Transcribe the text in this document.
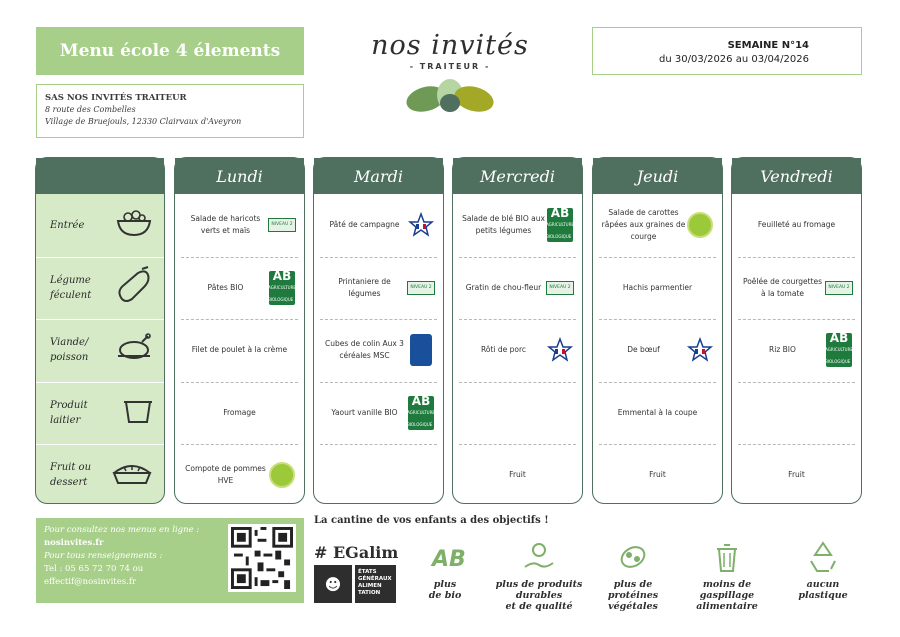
Menu école 4 élements
SAS NOS INVITÉS TRAITEUR
8 route des Combelles
Village de Bruejouls, 12330 Clairvaux d'Aveyron
nos invités
- TRAITEUR -
SEMAINE N°14
du 30/03/2026 au 03/04/2026
Entrée
Légume
féculent
Viande/
poisson
Produit
laitier
Fruit ou
dessert
Lundi
Salade de haricots verts et maïs
NIVEAU 2
Pâtes BIO
AB
AGRICULTURE BIOLOGIQUE
Filet de poulet à la crème
Fromage
Compote de pommes HVE
Mardi
Pâté de campagne
Printaniere de légumes
NIVEAU 2
Cubes de colin Aux 3 céréales MSC
Yaourt vanille BIO
AB
AGRICULTURE BIOLOGIQUE
Mercredi
Salade de blé BIO aux petits légumes
AB
AGRICULTURE BIOLOGIQUE
Gratin de chou-fleur	NIVEAU 2
Rôti de porc
Fruit
Jeudi
Salade de carottes râpées aux graines de courge
Hachis parmentier
De bœuf
Emmental à la coupe
Fruit
Vendredi
Feuilleté au fromage
Poêlée de courgettes à la tomate
NIVEAU 2
Riz BIO
AB
AGRICULTURE BIOLOGIQUE
Fruit
Pour consultez nos menus en ligne :
nosinvites.fr
Pour tous renseignements :
Tel : 05 65 72 70 74 ou
effectif@nosinvites.fr
La cantine de vos enfants a des objectifs !
# EGalim
☻
ÉTATS GÉNÉRAUX ALIMEN TATION
AB
plus
de bio
plus de produits
durables
et de qualité
plus de
protéines
végétales
moins de
gaspillage
alimentaire
aucun
plastique
